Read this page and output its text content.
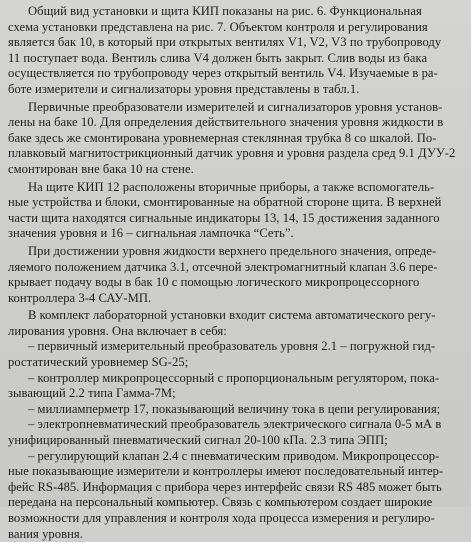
Общий вид установки и щита КИП показаны на рис. 6. Функциональная
схема установки представлена на рис. 7. Объектом контроля и регулирования
является бак 10, в который при открытых вентилях V1, V2, V3 по трубопроводу
11 поступает вода. Вентиль слива V4 должен быть закрыт. Слив воды из бака
осуществляется по трубопроводу через открытый вентиль V4. Изучаемые в ра-
боте измерители и сигнализаторы уровня представлены в табл.1.

Первичные преобразователи измерителей и сигнализаторов уровня установ-
лены на баке 10. Для определения действительного значения уровня жидкости в
баке здесь же смонтирована уровнемерная стеклянная трубка 8 со шкалой. По-
плавковый магнитострикционный датчик уровня и уровня раздела сред 9.1 ДУУ-2
смонтирован вне бака 10 на стене.

На щите КИП 12 расположены вторичные приборы, а также вспомогатель-
ные устройства и блоки, смонтированные на обратной стороне щита. В верхней
части щита находятся сигнальные индикаторы 13, 14, 15 достижения заданного
значения уровня и 16 – сигнальная лампочка “Сеть”.

При достижении уровня жидкости верхнего предельного значения, опреде-
ляемого положением датчика 3.1, отсечной электромагнитный клапан 3.6 пере-
крывает подачу воды в бак 10 с помощью логического микропроцессорного
контроллера 3-4 САУ-МП.

В комплект лабораторной установки входит система автоматического регу-
лирования уровня. Она включает в себя:
– первичный измерительный преобразователь уровня 2.1 – погружной гид-
ростатический уровнемер SG-25;
– контроллер микропроцессорный с пропорциональным регулятором, пока-
зывающий 2.2 типа Гамма-7М;
– миллиамперметр 17, показывающий величину тока в цепи регулирования;
– электропневматический преобразователь электрического сигнала 0-5 мА в
унифицированный пневматический сигнал 20-100 кПа. 2.3 типа ЭПП;
– регулирующий клапан 2.4 с пневматическим приводом. Микропроцессор-
ные показывающие измерители и контроллеры имеют последовательный интер-
фейс RS-485. Информация с прибора через интерфейс связи RS 485 может быть
передана на персональный компьютер. Связь с компьютером создает широкие
возможности для управления и контроля хода процесса измерения и регулиро-
вания уровня.
